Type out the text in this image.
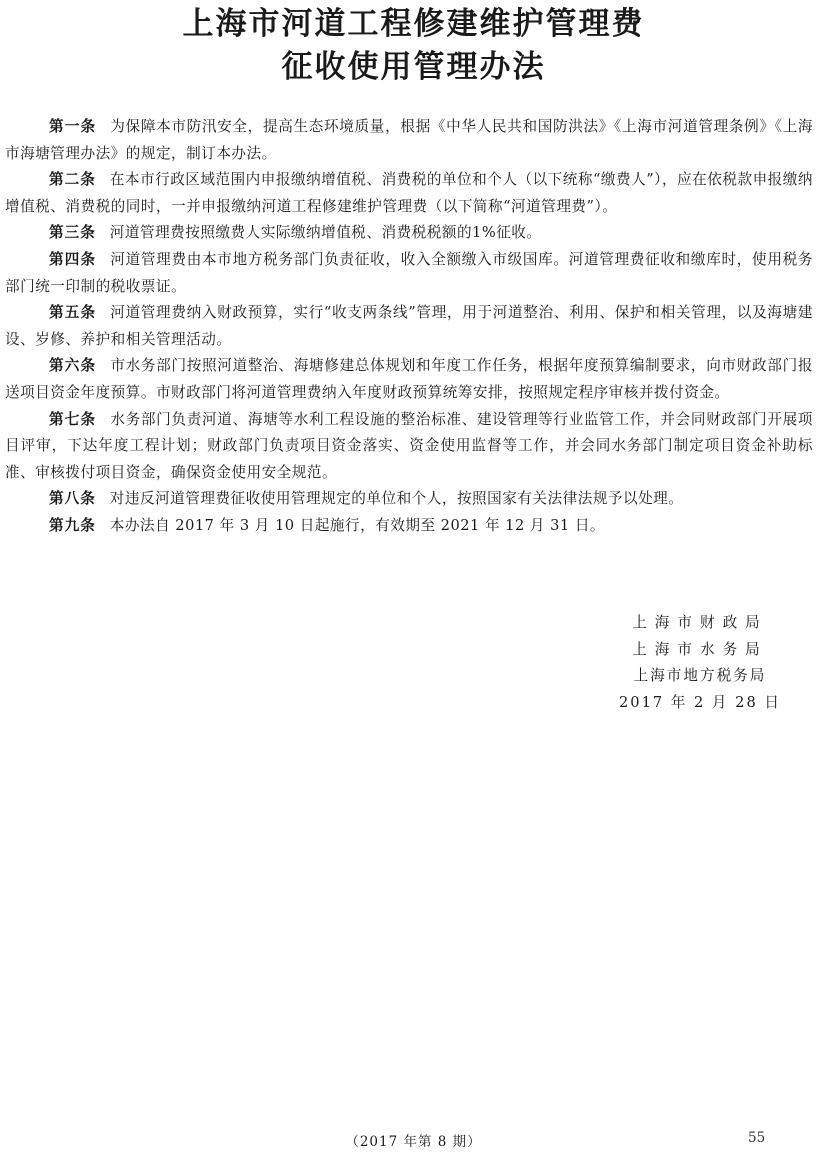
上海市河道工程修建维护管理费
征收使用管理办法

第一条 为保障本市防汛安全，提高生态环境质量，根据《中华人民共和国防洪法》《上海市河道管理条例》《上海市海塘管理办法》的规定，制订本办法。

第二条 在本市行政区域范围内申报缴纳增值税、消费税的单位和个人（以下统称“缴费人”），应在依税款申报缴纳增值税、消费税的同时，一并申报缴纳河道工程修建维护管理费（以下简称“河道管理费”）。

第三条 河道管理费按照缴费人实际缴纳增值税、消费税税额的1%征收。

第四条 河道管理费由本市地方税务部门负责征收，收入全额缴入市级国库。河道管理费征收和缴库时，使用税务部门统一印制的税收票证。

第五条 河道管理费纳入财政预算，实行“收支两条线”管理，用于河道整治、利用、保护和相关管理，以及海塘建设、岁修、养护和相关管理活动。

第六条 市水务部门按照河道整治、海塘修建总体规划和年度工作任务，根据年度预算编制要求，向市财政部门报送项目资金年度预算。市财政部门将河道管理费纳入年度财政预算统筹安排，按照规定程序审核并拨付资金。

第七条 水务部门负责河道、海塘等水利工程设施的整治标准、建设管理等行业监管工作，并会同财政部门开展项目评审，下达年度工程计划；财政部门负责项目资金落实、资金使用监督等工作，并会同水务部门制定项目资金补助标准、审核拨付项目资金，确保资金使用安全规范。

第八条 对违反河道管理费征收使用管理规定的单位和个人，按照国家有关法律法规予以处理。

第九条 本办法自 2017 年 3 月 10 日起施行，有效期至 2021 年 12 月 31 日。

上海市财政局
上海市水务局
上海市地方税务局
2017 年 2 月 28 日
（2017 年第 8 期）	55
